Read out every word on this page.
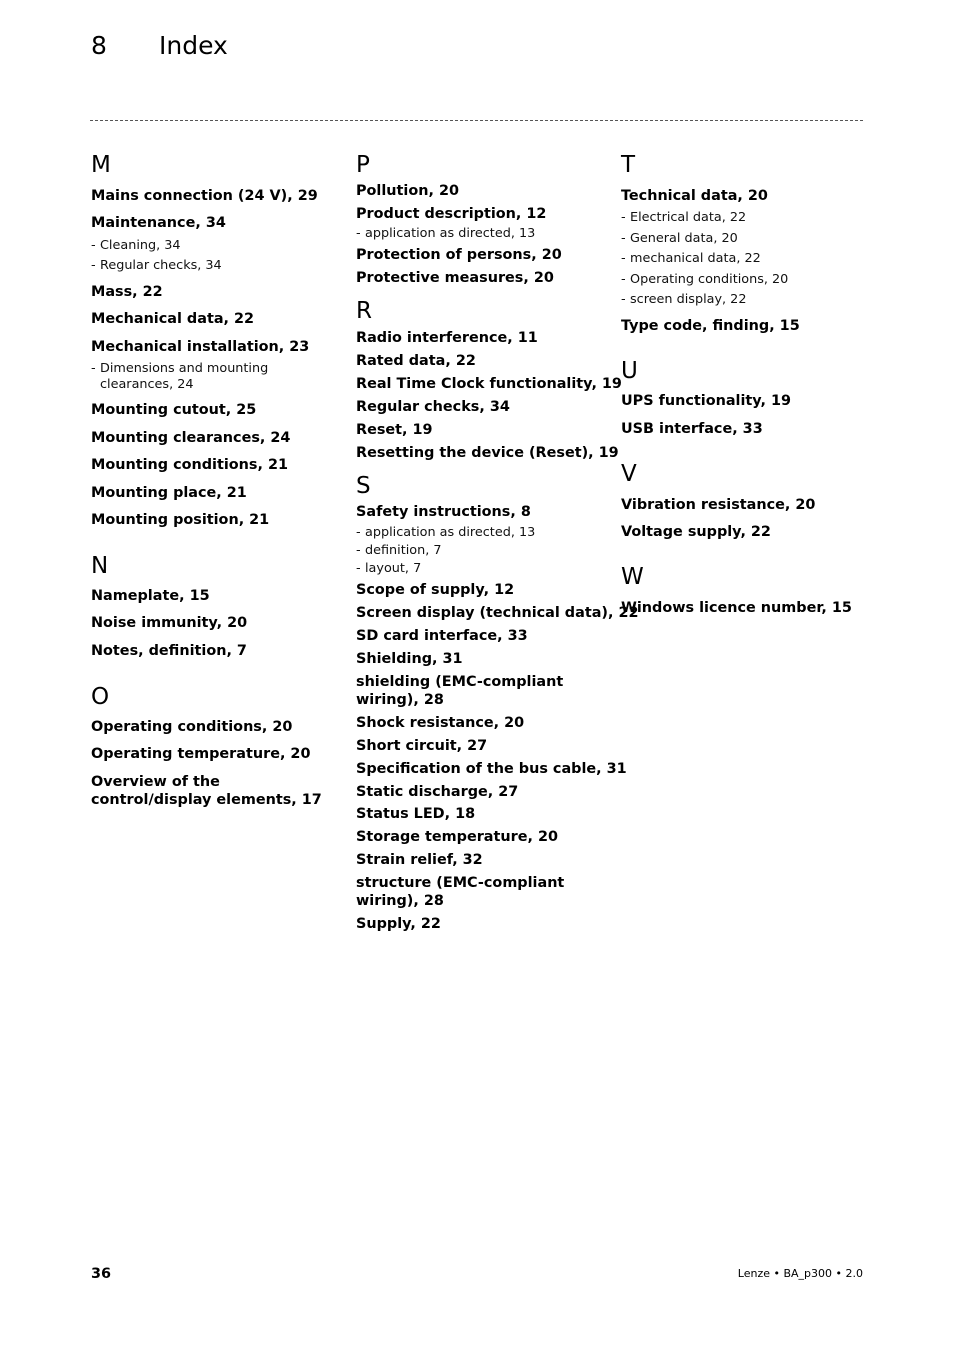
8 Index
M
Mains connection (24 V), 29
Maintenance, 34
- Cleaning, 34
- Regular checks, 34
Mass, 22
Mechanical data, 22
Mechanical installation, 23
- Dimensions and mounting
clearances, 24
Mounting cutout, 25
Mounting clearances, 24
Mounting conditions, 21
Mounting place, 21
Mounting position, 21
N
Nameplate, 15
Noise immunity, 20
Notes, definition, 7
O
Operating conditions, 20
Operating temperature, 20
Overview of the control/display elements, 17
P
Pollution, 20
Product description, 12
- application as directed, 13
Protection of persons, 20
Protective measures, 20
R
Radio interference, 11
Rated data, 22
Real Time Clock functionality, 19
Regular checks, 34
Reset, 19
Resetting the device (Reset), 19
S
Safety instructions, 8
- application as directed, 13
- definition, 7
- layout, 7
Scope of supply, 12
Screen display (technical data), 22
SD card interface, 33
Shielding, 31
shielding (EMC-compliant wiring), 28
Shock resistance, 20
Short circuit, 27
Specification of the bus cable, 31
Static discharge, 27
Status LED, 18
Storage temperature, 20
Strain relief, 32
structure (EMC-compliant wiring), 28
Supply, 22
T
Technical data, 20
- Electrical data, 22
- General data, 20
- mechanical data, 22
- Operating conditions, 20
- screen display, 22
Type code, finding, 15
U
UPS functionality, 19
USB interface, 33
V
Vibration resistance, 20
Voltage supply, 22
W
Windows licence number, 15
36	Lenze • BA_p300 • 2.0
